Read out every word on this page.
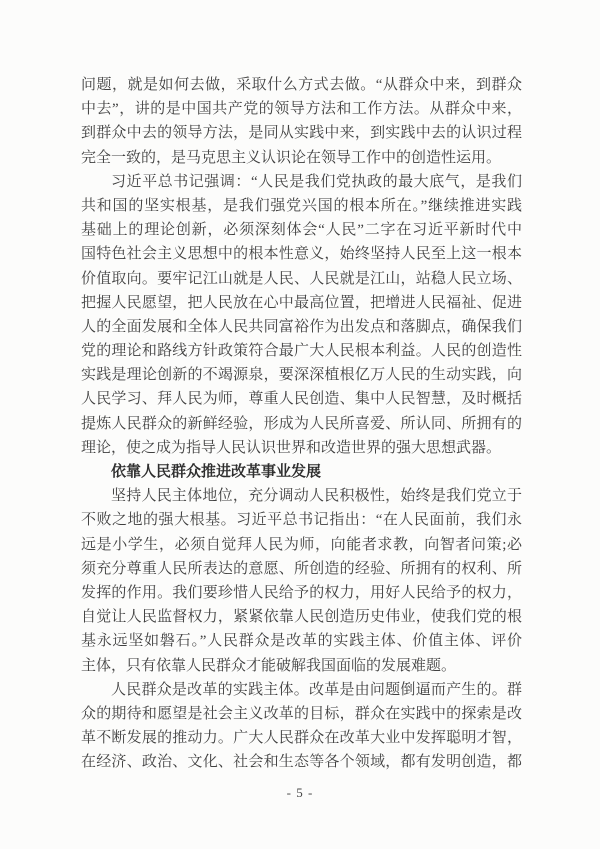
问题，就是如何去做，采取什么方式去做。“从群众中来，到群众
中去”，讲的是中国共产党的领导方法和工作方法。从群众中来，
到群众中去的领导方法，是同从实践中来，到实践中去的认识过程
完全一致的，是马克思主义认识论在领导工作中的创造性运用。
习近平总书记强调：“人民是我们党执政的最大底气，是我们
共和国的坚实根基，是我们强党兴国的根本所在。”继续推进实践
基础上的理论创新，必须深刻体会“人民”二字在习近平新时代中
国特色社会主义思想中的根本性意义，始终坚持人民至上这一根本
价值取向。要牢记江山就是人民、人民就是江山，站稳人民立场、
把握人民愿望，把人民放在心中最高位置，把增进人民福祉、促进
人的全面发展和全体人民共同富裕作为出发点和落脚点，确保我们
党的理论和路线方针政策符合最广大人民根本利益。人民的创造性
实践是理论创新的不竭源泉，要深深植根亿万人民的生动实践，向
人民学习、拜人民为师，尊重人民创造、集中人民智慧，及时概括
提炼人民群众的新鲜经验，形成为人民所喜爱、所认同、所拥有的
理论，使之成为指导人民认识世界和改造世界的强大思想武器。
依靠人民群众推进改革事业发展
坚持人民主体地位，充分调动人民积极性，始终是我们党立于
不败之地的强大根基。习近平总书记指出：“在人民面前，我们永
远是小学生，必须自觉拜人民为师，向能者求教，向智者问策;必
须充分尊重人民所表达的意愿、所创造的经验、所拥有的权利、所
发挥的作用。我们要珍惜人民给予的权力，用好人民给予的权力，
自觉让人民监督权力，紧紧依靠人民创造历史伟业，使我们党的根
基永远坚如磐石。”人民群众是改革的实践主体、价值主体、评价
主体，只有依靠人民群众才能破解我国面临的发展难题。
人民群众是改革的实践主体。改革是由问题倒逼而产生的。群
众的期待和愿望是社会主义改革的目标，群众在实践中的探索是改
革不断发展的推动力。广大人民群众在改革大业中发挥聪明才智，
在经济、政治、文化、社会和生态等各个领域，都有发明创造，都
- 5 -
